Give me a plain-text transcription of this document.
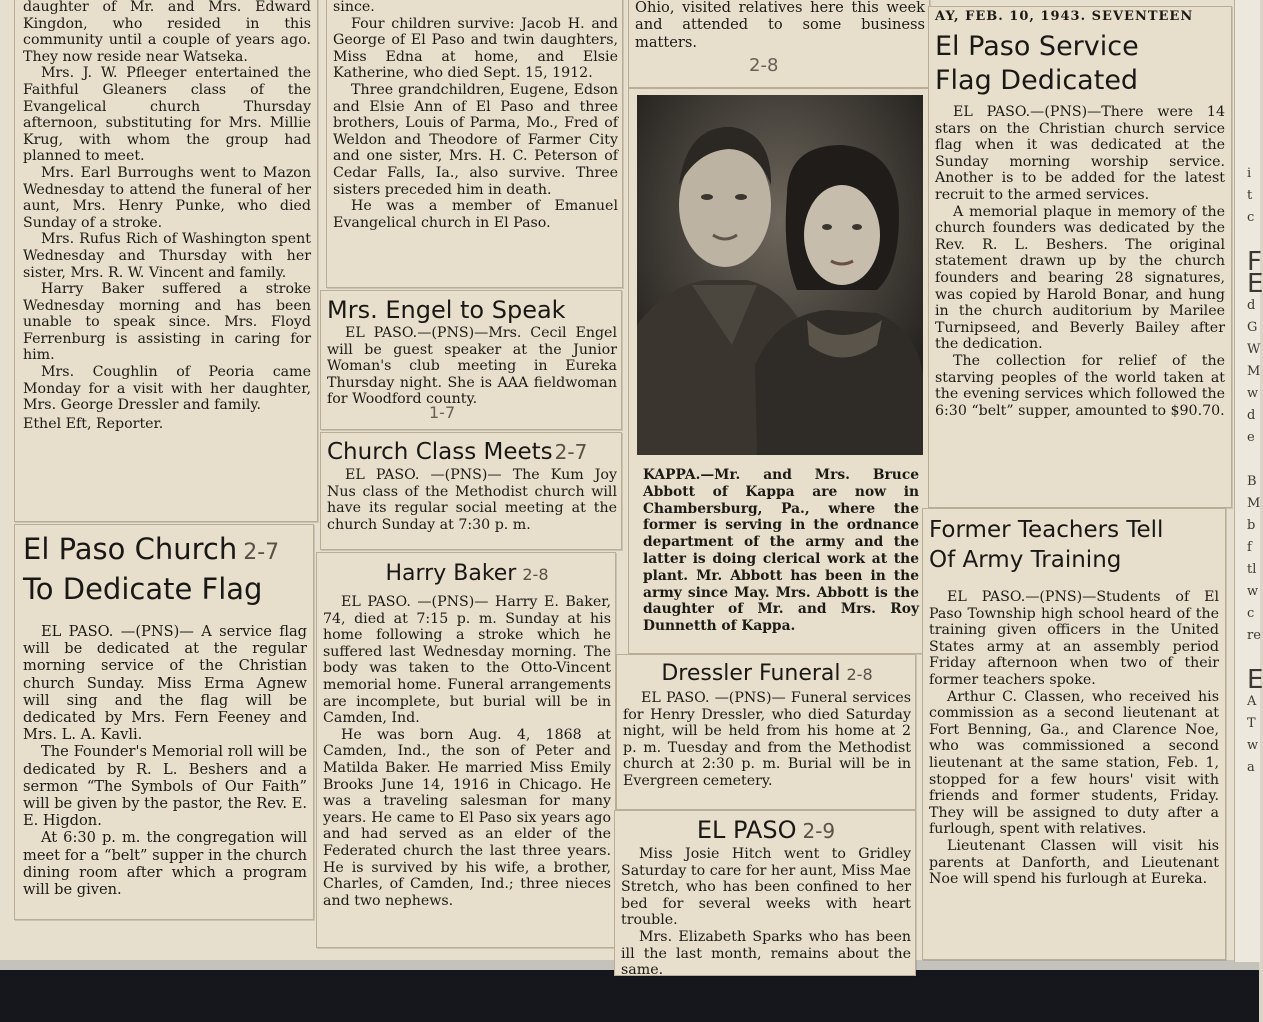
daughter of Mr. and Mrs. Edward Kingdon, who resided in this community until a couple of years ago. They now reside near Watseka.

Mrs. J. W. Pfleeger entertained the Faithful Gleaners class of the Evangelical church Thursday afternoon, substituting for Mrs. Millie Krug, with whom the group had planned to meet.

Mrs. Earl Burroughs went to Mazon Wednesday to attend the funeral of her aunt, Mrs. Henry Punke, who died Sunday of a stroke.

Mrs. Rufus Rich of Washington spent Wednesday and Thursday with her sister, Mrs. R. W. Vincent and family.

Harry Baker suffered a stroke Wednesday morning and has been unable to speak since. Mrs. Floyd Ferrenburg is assisting in caring for him.

Mrs. Coughlin of Peoria came Monday for a visit with her daughter, Mrs. George Dressler and family.

Ethel Eft, Reporter.

El Paso Church 2-7
To Dedicate Flag

EL PASO. —(PNS)— A service flag will be dedicated at the regular morning service of the Christian church Sunday. Miss Erma Agnew will sing and the flag will be dedicated by Mrs. Fern Feeney and Mrs. L. A. Kavli.

The Founder's Memorial roll will be dedicated by R. L. Beshers and a sermon “The Symbols of Our Faith” will be given by the pastor, the Rev. E. E. Higdon.

At 6:30 p. m. the congregation will meet for a “belt” supper in the church dining room after which a program will be given.

since.

Four children survive: Jacob H. and George of El Paso and twin daughters, Miss Edna at home, and Elsie Katherine, who died Sept. 15, 1912.

Three grandchildren, Eugene, Edson and Elsie Ann of El Paso and three brothers, Louis of Parma, Mo., Fred of Weldon and Theodore of Farmer City and one sister, Mrs. H. C. Peterson of Cedar Falls, Ia., also survive. Three sisters preceded him in death.

He was a member of Emanuel Evangelical church in El Paso.

Mrs. Engel to Speak

EL PASO.—(PNS)—Mrs. Cecil Engel will be guest speaker at the Junior Woman's club meeting in Eureka Thursday night. She is AAA fieldwoman for Woodford county.

1-7
Church Class Meets 2-7

EL PASO. —(PNS)— The Kum Joy Nus class of the Methodist church will have its regular social meeting at the church Sunday at 7:30 p. m.

Harry Baker 2-8

EL PASO. —(PNS)— Harry E. Baker, 74, died at 7:15 p. m. Sunday at his home following a stroke which he suffered last Wednesday morning. The body was taken to the Otto-Vincent memorial home. Funeral arrangements are incomplete, but burial will be in Camden, Ind.

He was born Aug. 4, 1868 at Camden, Ind., the son of Peter and Matilda Baker. He married Miss Emily Brooks June 14, 1916 in Chicago. He was a traveling salesman for many years. He came to El Paso six years ago and had served as an elder of the Federated church the last three years. He is survived by his wife, a brother, Charles, of Camden, Ind.; three nieces and two nephews.

Ohio, visited relatives here this week and attended to some business matters.

2-8

KAPPA.—Mr. and Mrs. Bruce Abbott of Kappa are now in Chambersburg, Pa., where the former is serving in the ordnance department of the army and the latter is doing clerical work at the plant. Mr. Abbott has been in the army since May. Mrs. Abbott is the daughter of Mr. and Mrs. Roy Dunnetth of Kappa.

Dressler Funeral 2-8

EL PASO. —(PNS)— Funeral services for Henry Dressler, who died Saturday night, will be held from his home at 2 p. m. Tuesday and from the Methodist church at 2:30 p. m. Burial will be in Evergreen cemetery.

EL PASO 2-9

Miss Josie Hitch went to Gridley Saturday to care for her aunt, Miss Mae Stretch, who has been confined to her bed for several weeks with heart trouble.

Mrs. Elizabeth Sparks who has been ill the last month, remains about the same.

AY, FEB. 10, 1943. SEVENTEEN
El Paso Service
Flag Dedicated

EL PASO.—(PNS)—There were 14 stars on the Christian church service flag when it was dedicated at the Sunday morning worship service. Another is to be added for the latest recruit to the armed services.

A memorial plaque in memory of the church founders was dedicated by the Rev. R. L. Beshers. The original statement drawn up by the church founders and bearing 28 signatures, was copied by Harold Bonar, and hung in the church auditorium by Marilee Turnipseed, and Beverly Bailey after the dedication.

The collection for relief of the starving peoples of the world taken at the evening services which followed the 6:30 “belt” supper, amounted to $90.70.

Former Teachers Tell
Of Army Training

EL PASO.—(PNS)—Students of El Paso Township high school heard of the training given officers in the United States army at an assembly period Friday afternoon when two of their former teachers spoke.

Arthur C. Classen, who received his commission as a second lieutenant at Fort Benning, Ga., and Clarence Noe, who was commissioned a second lieutenant at the same station, Feb. 1, stopped for a few hours' visit with friends and former students, Friday. They will be assigned to duty after a furlough, spent with relatives.

Lieutenant Classen will visit his parents at Danforth, and Lieutenant Noe will spend his furlough at Eureka.

i
t
c
F
E
d
G
W
M
w
d
e
B
M
b
f
tl
w
c
re
E
A
T
w
a
